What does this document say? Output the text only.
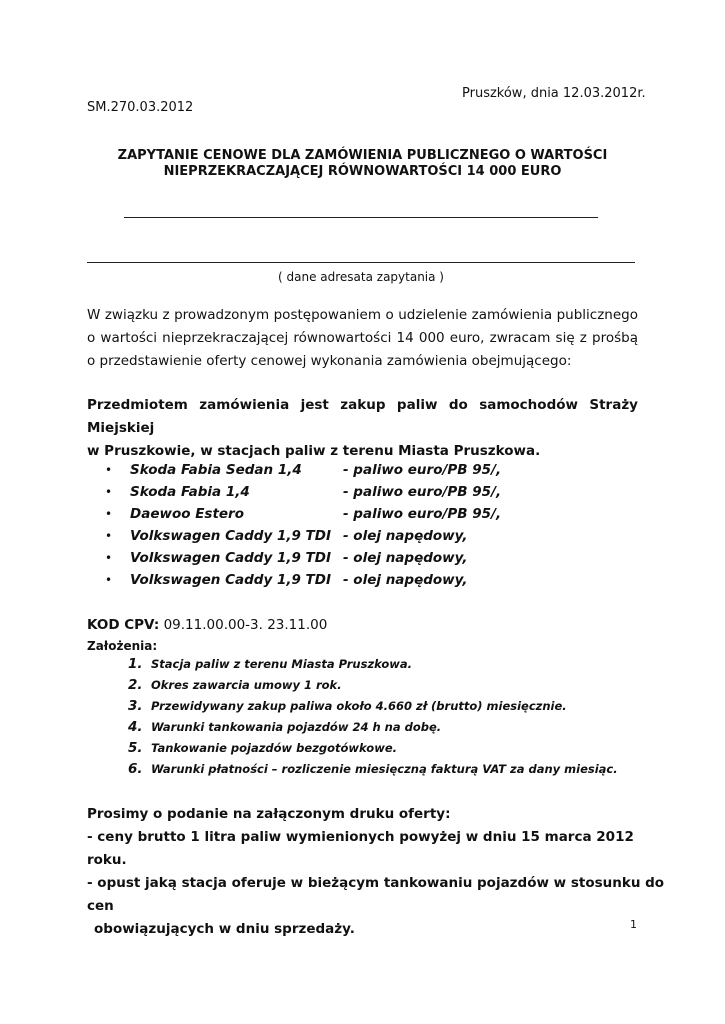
Pruszków, dnia 12.03.2012r.

SM.270.03.2012

ZAPYTANIE CENOWE DLA ZAMÓWIENIA PUBLICZNEGO O WARTOŚCI
NIEPRZEKRACZAJĄCEJ RÓWNOWARTOŚCI 14 000 EURO
( dane adresata zapytania )
W związku z prowadzonym postępowaniem o udzielenie zamówienia publicznego
o wartości nieprzekraczającej równowartości 14 000 euro, zwracam się z prośbą
o przedstawienie oferty cenowej wykonania zamówienia obejmującego:
Przedmiotem zamówienia jest zakup paliw do samochodów Straży Miejskiej
w Pruszkowie, w stacjach paliw z terenu Miasta Pruszkowa.
• Skoda Fabia Sedan 1,4	- paliwo euro/PB 95/,
• Skoda Fabia 1,4	- paliwo euro/PB 95/,
• Daewoo Estero	- paliwo euro/PB 95/,
• Volkswagen Caddy 1,9 TDI - olej napędowy,
• Volkswagen Caddy 1,9 TDI - olej napędowy,
• Volkswagen Caddy 1,9 TDI - olej napędowy,

KOD CPV: 09.11.00.00-3. 23.11.00

Założenia:

1. Stacja paliw z terenu Miasta Pruszkowa.
2. Okres zawarcia umowy 1 rok.
3. Przewidywany zakup paliwa około 4.660 zł (brutto) miesięcznie.
4. Warunki tankowania pojazdów 24 h na dobę.
5. Tankowanie pojazdów bezgotówkowe.
6. Warunki płatności – rozliczenie miesięczną fakturą VAT za dany miesiąc.
Prosimy o podanie na załączonym druku oferty:
- ceny brutto 1 litra paliw wymienionych powyżej w dniu 15 marca 2012 roku.
- opust jaką stacja oferuje w bieżącym tankowaniu pojazdów w stosunku do cen
obowiązujących w dniu sprzedaży.	1
